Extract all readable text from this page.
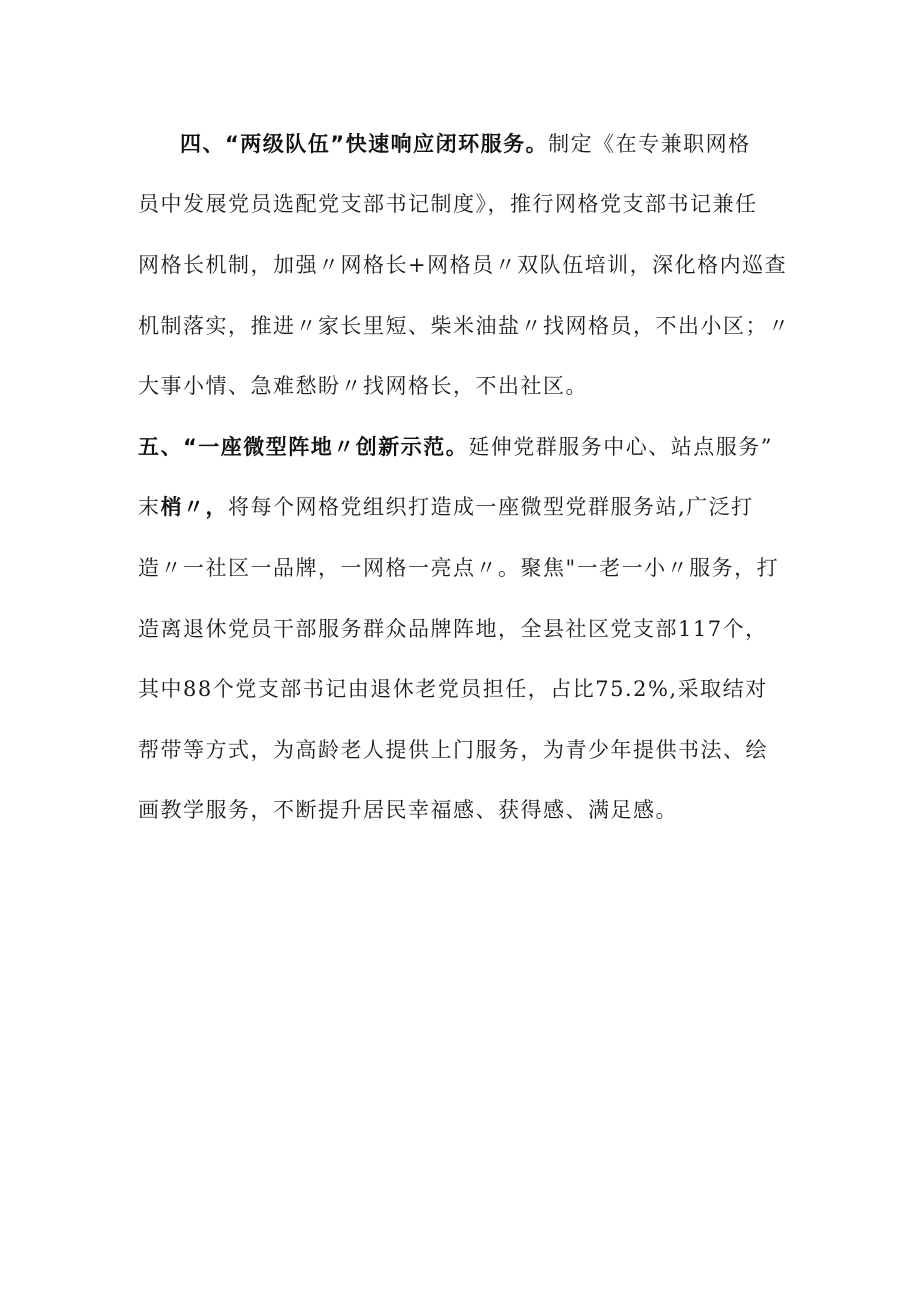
四、“两级队伍”快速响应闭环服务。制定《在专兼职网格

员中发展党员选配党支部书记制度》，推行网格党支部书记兼任

网格长机制，加强〃网格长+网格员〃双队伍培训，深化格内巡查

机制落实，推进〃家长里短、柴米油盐〃找网格员，不出小区；〃

大事小情、急难愁盼〃找网格长，不出社区。

五、“一座微型阵地〃创新示范。延伸党群服务中心、站点服务”

末梢〃，将每个网格党组织打造成一座微型党群服务站,广泛打

造〃一社区一品牌，一网格一亮点〃。聚焦"一老一小〃服务，打

造离退休党员干部服务群众品牌阵地，全县社区党支部117个，

其中88个党支部书记由退休老党员担任，占比75.2%,采取结对

帮带等方式，为高龄老人提供上门服务，为青少年提供书法、绘

画教学服务，不断提升居民幸福感、获得感、满足感。
